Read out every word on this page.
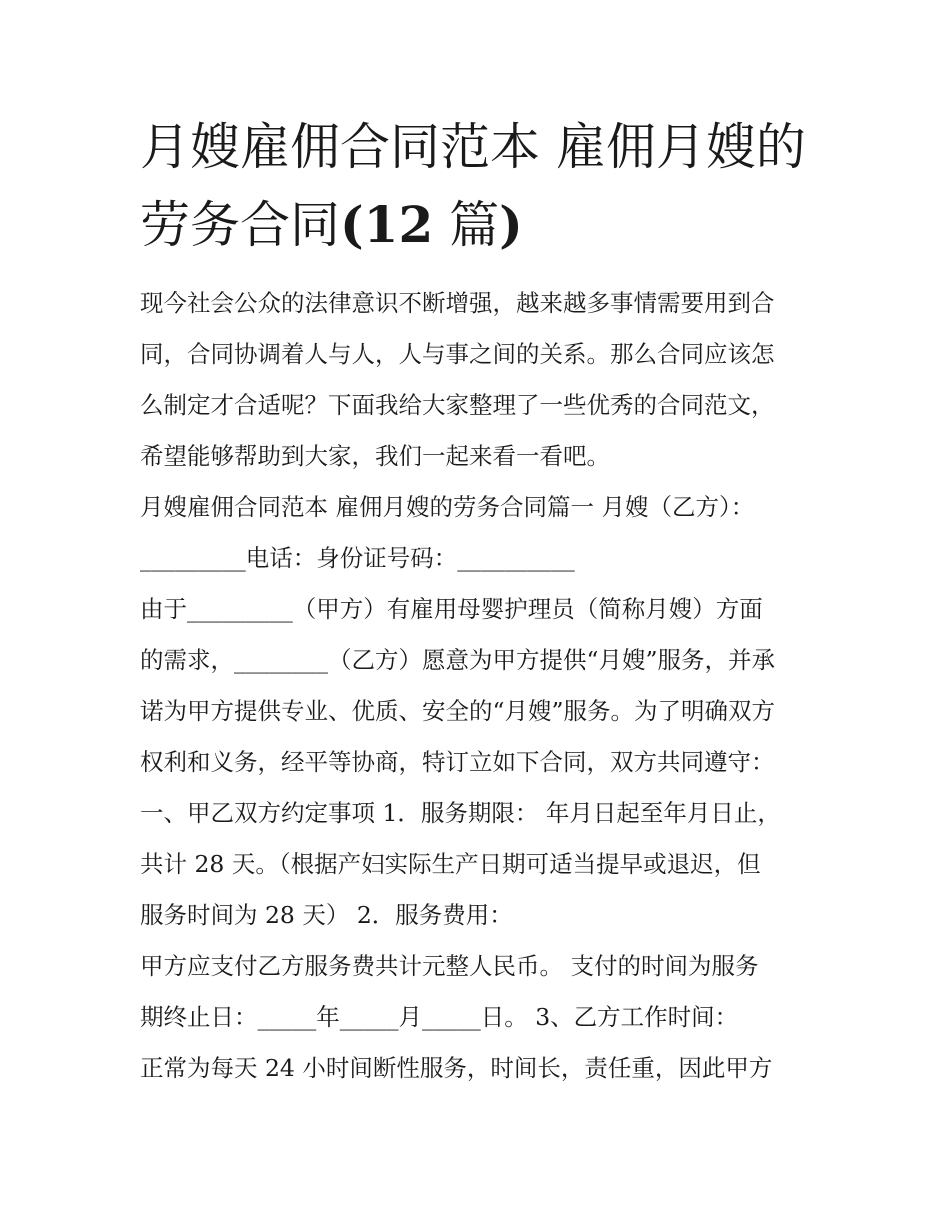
月嫂雇佣合同范本 雇佣月嫂的
劳务合同(12 篇)
现今社会公众的法律意识不断增强，越来越多事情需要用到合
同，合同协调着人与人，人与事之间的关系。那么合同应该怎
么制定才合适呢？下面我给大家整理了一些优秀的合同范文，
希望能够帮助到大家，我们一起来看一看吧。
月嫂雇佣合同范本 雇佣月嫂的劳务合同篇一 月嫂（乙方）：
_________电话：身份证号码：__________
由于_________（甲方）有雇用母婴护理员（简称月嫂）方面
的需求，________（乙方）愿意为甲方提供“月嫂”服务，并承
诺为甲方提供专业、优质、安全的“月嫂”服务。为了明确双方
权利和义务，经平等协商，特订立如下合同，双方共同遵守：
一、甲乙双方约定事项 1．服务期限： 年月日起至年月日止，
共计 28 天。（根据产妇实际生产日期可适当提早或退迟，但
服务时间为 28 天） 2．服务费用：
甲方应支付乙方服务费共计元整人民币。 支付的时间为服务
期终止日：_____年_____月_____日。 3、乙方工作时间：
正常为每天 24 小时间断性服务，时间长，责任重，因此甲方
